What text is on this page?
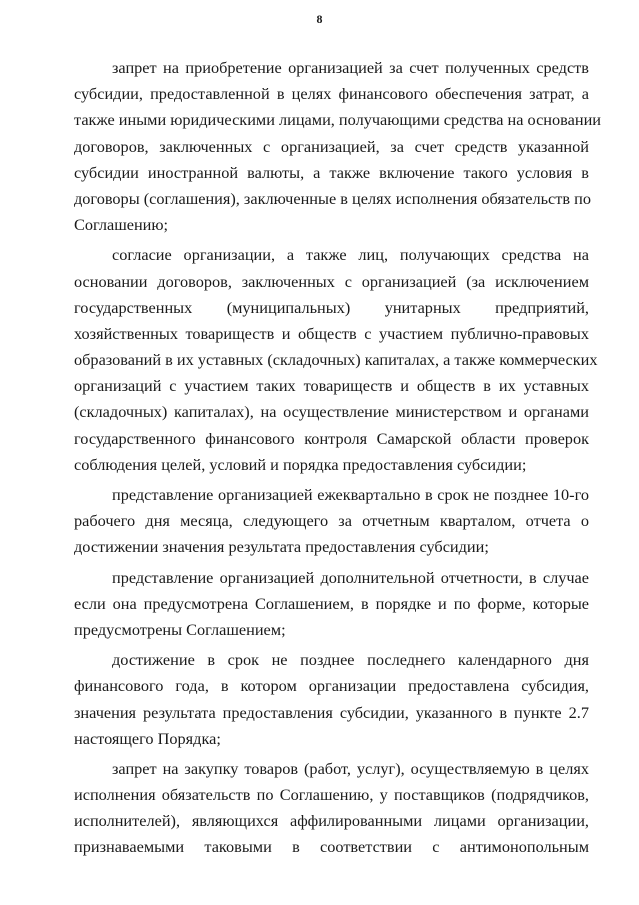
8
запрет на приобретение организацией за счет полученных средств
субсидии, предоставленной в целях финансового обеспечения затрат, а
также иными юридическими лицами, получающими средства на основании
договоров, заключенных с организацией, за счет средств указанной
субсидии иностранной валюты, а также включение такого условия в
договоры (соглашения), заключенные в целях исполнения обязательств по
Соглашению;
согласие организации, а также лиц, получающих средства на
основании договоров, заключенных с организацией (за исключением
государственных (муниципальных) унитарных предприятий,
хозяйственных товариществ и обществ с участием публично-правовых
образований в их уставных (складочных) капиталах, а также коммерческих
организаций с участием таких товариществ и обществ в их уставных
(складочных) капиталах), на осуществление министерством и органами
государственного финансового контроля Самарской области проверок
соблюдения целей, условий и порядка предоставления субсидии;
представление организацией ежеквартально в срок не позднее 10-го
рабочего дня месяца, следующего за отчетным кварталом, отчета о
достижении значения результата предоставления субсидии;
представление организацией дополнительной отчетности, в случае
если она предусмотрена Соглашением, в порядке и по форме, которые
предусмотрены Соглашением;
достижение в срок не позднее последнего календарного дня
финансового года, в котором организации предоставлена субсидия,
значения результата предоставления субсидии, указанного в пункте 2.7
настоящего Порядка;
запрет на закупку товаров (работ, услуг), осуществляемую в целях
исполнения обязательств по Соглашению, у поставщиков (подрядчиков,
исполнителей), являющихся аффилированными лицами организации,
признаваемыми таковыми в соответствии с антимонопольным
